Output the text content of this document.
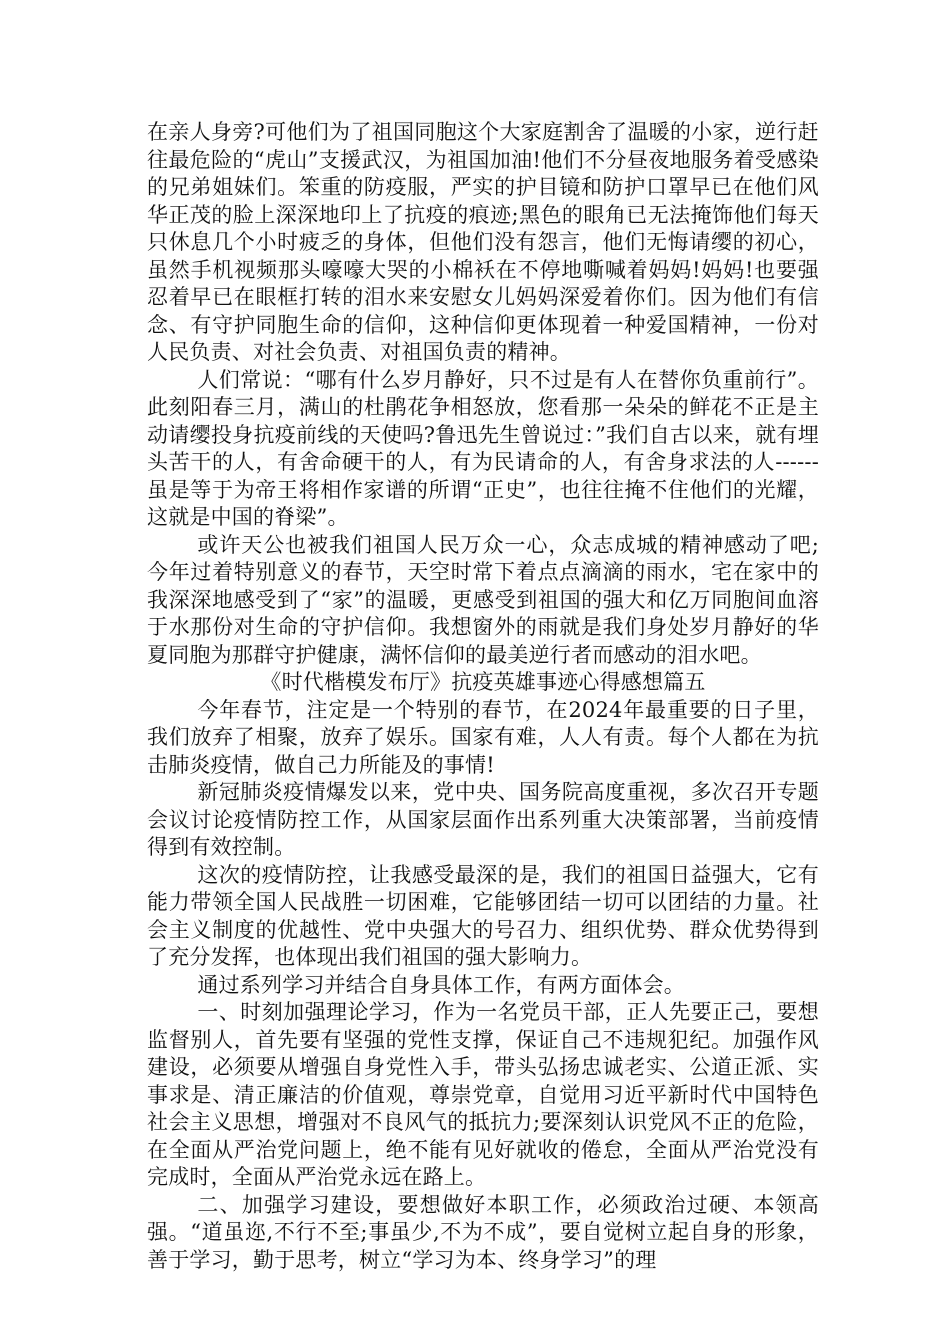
在亲人身旁?可他们为了祖国同胞这个大家庭割舍了温暖的小家，逆行赶往最危险的“虎山”支援武汉，为祖国加油!他们不分昼夜地服务着受感染的兄弟姐妹们。笨重的防疫服，严实的护目镜和防护口罩早已在他们风华正茂的脸上深深地印上了抗疫的痕迹;黑色的眼角已无法掩饰他们每天只休息几个小时疲乏的身体，但他们没有怨言，他们无悔请缨的初心，虽然手机视频那头嚎嚎大哭的小棉袄在不停地嘶喊着妈妈!妈妈!也要强忍着早已在眼框打转的泪水来安慰女儿妈妈深爱着你们。因为他们有信念、有守护同胞生命的信仰，这种信仰更体现着一种爱国精神，一份对人民负责、对社会负责、对祖国负责的精神。

人们常说：“哪有什么岁月静好，只不过是有人在替你负重前行”。此刻阳春三月，满山的杜鹃花争相怒放，您看那一朵朵的鲜花不正是主动请缨投身抗疫前线的天使吗?鲁迅先生曾说过：”我们自古以来，就有埋头苦干的人，有舍命硬干的人，有为民请命的人，有舍身求法的人------虽是等于为帝王将相作家谱的所谓“正史”，也往往掩不住他们的光耀，这就是中国的脊梁”。

或许天公也被我们祖国人民万众一心，众志成城的精神感动了吧;今年过着特别意义的春节，天空时常下着点点滴滴的雨水，宅在家中的我深深地感受到了“家”的温暖，更感受到祖国的强大和亿万同胞间血溶于水那份对生命的守护信仰。我想窗外的雨就是我们身处岁月静好的华夏同胞为那群守护健康，满怀信仰的最美逆行者而感动的泪水吧。

《时代楷模发布厅》抗疫英雄事迹心得感想篇五

今年春节，注定是一个特别的春节，在2024年最重要的日子里，我们放弃了相聚，放弃了娱乐。国家有难，人人有责。每个人都在为抗击肺炎疫情，做自己力所能及的事情!

新冠肺炎疫情爆发以来，党中央、国务院高度重视，多次召开专题会议讨论疫情防控工作，从国家层面作出系列重大决策部署，当前疫情得到有效控制。

这次的疫情防控，让我感受最深的是，我们的祖国日益强大，它有能力带领全国人民战胜一切困难，它能够团结一切可以团结的力量。社会主义制度的优越性、党中央强大的号召力、组织优势、群众优势得到了充分发挥，也体现出我们祖国的强大影响力。

通过系列学习并结合自身具体工作，有两方面体会。

一、时刻加强理论学习，作为一名党员干部，正人先要正己，要想监督别人，首先要有坚强的党性支撑，保证自己不违规犯纪。加强作风建设，必须要从增强自身党性入手，带头弘扬忠诚老实、公道正派、实事求是、清正廉洁的价值观，尊崇党章，自觉用习近平新时代中国特色社会主义思想，增强对不良风气的抵抗力;要深刻认识党风不正的危险，在全面从严治党问题上，绝不能有见好就收的倦怠，全面从严治党没有完成时，全面从严治党永远在路上。

二、加强学习建设，要想做好本职工作，必须政治过硬、本领高强。“道虽迩,不行不至;事虽少,不为不成”，要自觉树立起自身的形象，善于学习，勤于思考，树立“学习为本、终身学习”的理
